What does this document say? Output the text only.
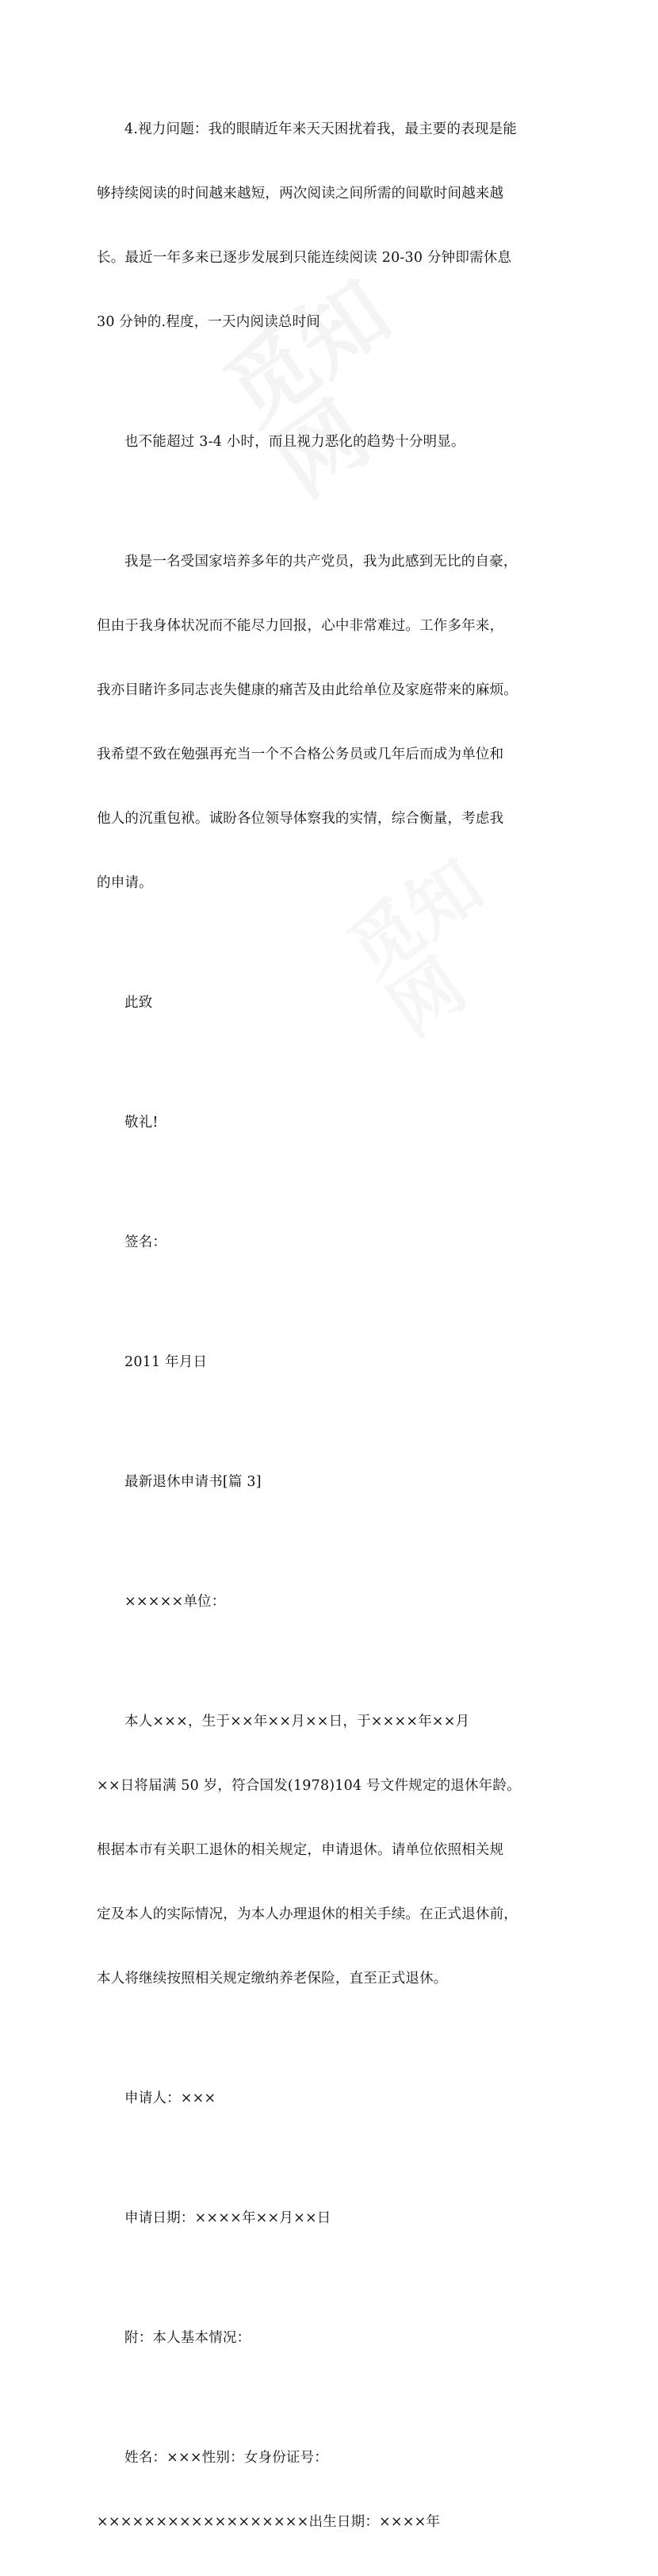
4.视力问题：我的眼睛近年来天天困扰着我，最主要的表现是能

够持续阅读的时间越来越短，两次阅读之间所需的间歇时间越来越

长。最近一年多来已逐步发展到只能连续阅读 20-30 分钟即需休息

30 分钟的.程度，一天内阅读总时间

也不能超过 3-4 小时，而且视力恶化的趋势十分明显。

我是一名受国家培养多年的共产党员，我为此感到无比的自豪，

但由于我身体状况而不能尽力回报，心中非常难过。工作多年来，

我亦目睹许多同志丧失健康的痛苦及由此给单位及家庭带来的麻烦。

我希望不致在勉强再充当一个不合格公务员或几年后而成为单位和

他人的沉重包袱。诚盼各位领导体察我的实情，综合衡量，考虑我

的申请。

此致

敬礼!

签名：

2011 年月日

最新退休申请书[篇 3]

×××××单位：

本人×××，生于××年××月××日，于××××年××月

××日将届满 50 岁，符合国发(1978)104 号文件规定的退休年龄。

根据本市有关职工退休的相关规定，申请退休。请单位依照相关规

定及本人的实际情况，为本人办理退休的相关手续。在正式退休前，

本人将继续按照相关规定缴纳养老保险，直至正式退休。

申请人：×××

申请日期：××××年××月××日

附：本人基本情况：

姓名：×××性别：女身份证号：

××××××××××××××××××出生日期：××××年
